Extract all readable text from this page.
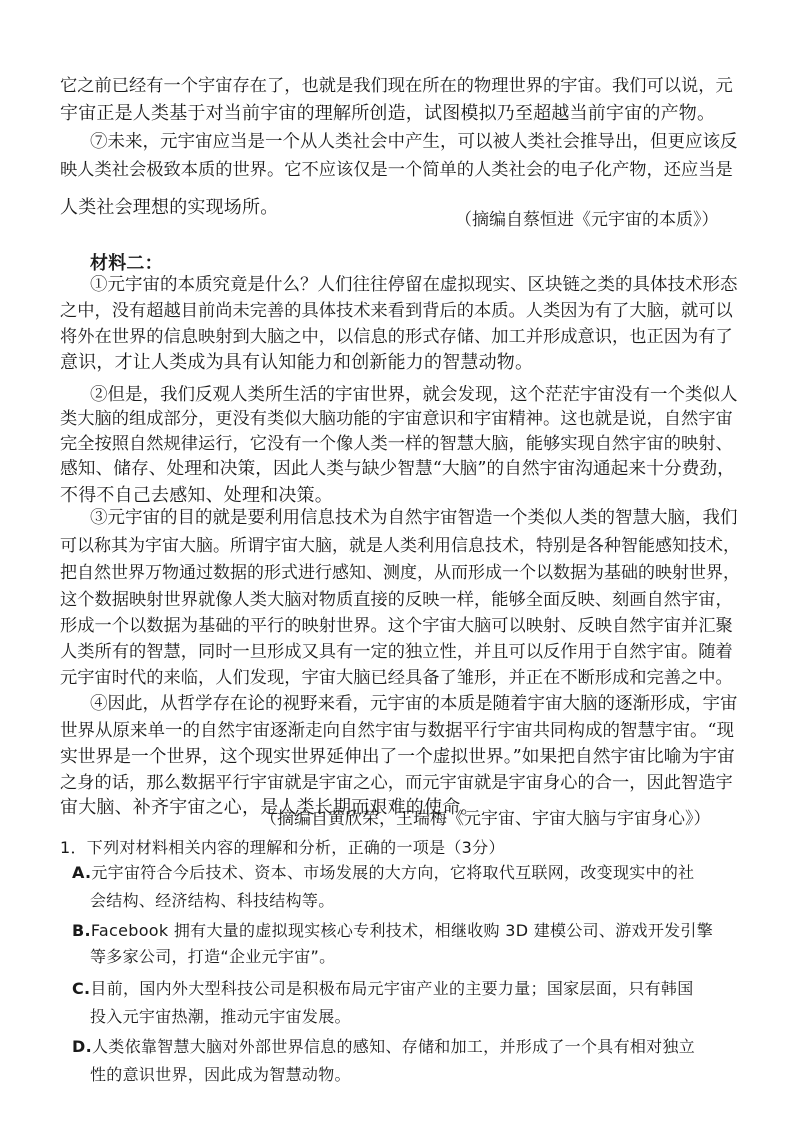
它之前已经有一个宇宙存在了，也就是我们现在所在的物理世界的宇宙。我们可以说，元
宇宙正是人类基于对当前宇宙的理解所创造，试图模拟乃至超越当前宇宙的产物。
⑦未来，元宇宙应当是一个从人类社会中产生，可以被人类社会推导出，但更应该反
映人类社会极致本质的世界。它不应该仅是一个简单的人类社会的电子化产物，还应当是
人类社会理想的实现场所。
（摘编自蔡恒进《元宇宙的本质》）
材料二：
①元宇宙的本质究竟是什么？人们往往停留在虚拟现实、区块链之类的具体技术形态
之中，没有超越目前尚未完善的具体技术来看到背后的本质。人类因为有了大脑，就可以
将外在世界的信息映射到大脑之中，以信息的形式存储、加工并形成意识，也正因为有了
意识，才让人类成为具有认知能力和创新能力的智慧动物。
②但是，我们反观人类所生活的宇宙世界，就会发现，这个茫茫宇宙没有一个类似人
类大脑的组成部分，更没有类似大脑功能的宇宙意识和宇宙精神。这也就是说，自然宇宙
完全按照自然规律运行，它没有一个像人类一样的智慧大脑，能够实现自然宇宙的映射、
感知、储存、处理和决策，因此人类与缺少智慧“大脑”的自然宇宙沟通起来十分费劲，
不得不自己去感知、处理和决策。
③元宇宙的目的就是要利用信息技术为自然宇宙智造一个类似人类的智慧大脑，我们
可以称其为宇宙大脑。所谓宇宙大脑，就是人类利用信息技术，特别是各种智能感知技术，
把自然世界万物通过数据的形式进行感知、测度，从而形成一个以数据为基础的映射世界，
这个数据映射世界就像人类大脑对物质直接的反映一样，能够全面反映、刻画自然宇宙，
形成一个以数据为基础的平行的映射世界。这个宇宙大脑可以映射、反映自然宇宙并汇聚
人类所有的智慧，同时一旦形成又具有一定的独立性，并且可以反作用于自然宇宙。随着
元宇宙时代的来临，人们发现，宇宙大脑已经具备了雏形，并正在不断形成和完善之中。
④因此，从哲学存在论的视野来看，元宇宙的本质是随着宇宙大脑的逐渐形成，宇宙
世界从原来单一的自然宇宙逐渐走向自然宇宙与数据平行宇宙共同构成的智慧宇宙。“现
实世界是一个世界，这个现实世界延伸出了一个虚拟世界。”如果把自然宇宙比喻为宇宙
之身的话，那么数据平行宇宙就是宇宙之心，而元宇宙就是宇宙身心的合一，因此智造宇
宙大脑、补齐宇宙之心，是人类长期而艰难的使命。
（摘编自黄欣荣，王瑞梅《元宇宙、宇宙大脑与宇宙身心》）
1．下列对材料相关内容的理解和分析，正确的一项是（3分）
A.元宇宙符合今后技术、资本、市场发展的大方向，它将取代互联网，改变现实中的社
会结构、经济结构、科技结构等。
B.Facebook 拥有大量的虚拟现实核心专利技术，相继收购 3D 建模公司、游戏开发引擎
等多家公司，打造“企业元宇宙”。
C.目前，国内外大型科技公司是积极布局元宇宙产业的主要力量；国家层面，只有韩国
投入元宇宙热潮，推动元宇宙发展。
D.人类依靠智慧大脑对外部世界信息的感知、存储和加工，并形成了一个具有相对独立
性的意识世界，因此成为智慧动物。
